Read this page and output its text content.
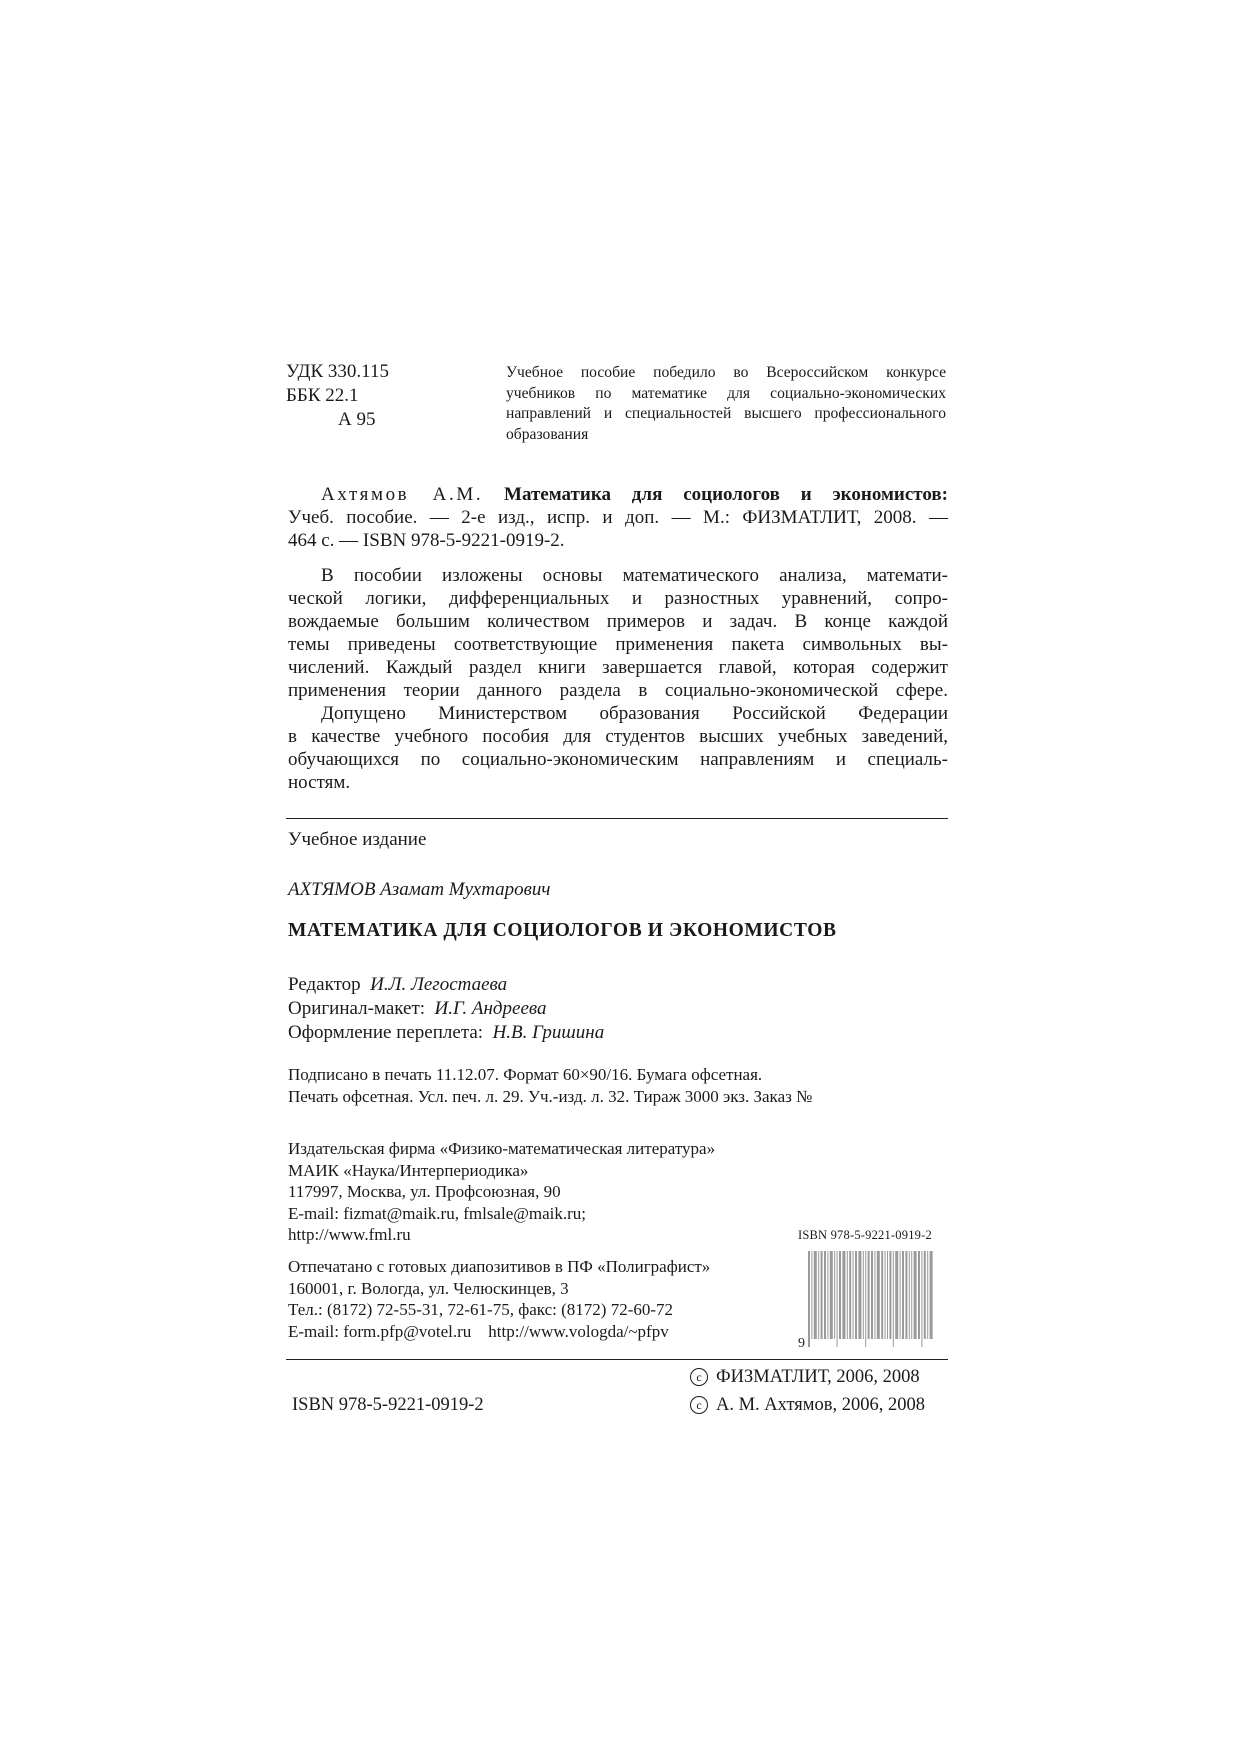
УДК 330.115
ББК 22.1
А 95
Учебное пособие победило во Всероссийском конкурсе учебников по математике для социально-экономических направлений и специальностей высшего профессионального образования
Ахтямов А.М. Математика для социологов и экономистов:
Учеб. пособие. — 2-е изд., испр. и доп. — М.: ФИЗМАТЛИТ, 2008. —
464 с. — ISBN 978-5-9221-0919-2.
В пособии изложены основы математического анализа, математи-
ческой логики, дифференциальных и разностных уравнений, сопро-
вождаемые большим количеством примеров и задач. В конце каждой
темы приведены соответствующие применения пакета символьных вы-
числений. Каждый раздел книги завершается главой, которая содержит
применения теории данного раздела в социально-экономической сфере.
Допущено Министерством образования Российской Федерации
в качестве учебного пособия для студентов высших учебных заведений,
обучающихся по социально-экономическим направлениям и специаль-
ностям.
Учебное издание
АХТЯМОВ Азамат Мухтарович
МАТЕМАТИКА ДЛЯ СОЦИОЛОГОВ И ЭКОНОМИСТОВ
Редактор И.Л. Легостаева
Оригинал-макет: И.Г. Андреева
Оформление переплета: Н.В. Гришина
Подписано в печать 11.12.07. Формат 60×90/16. Бумага офсетная.
Печать офсетная. Усл. печ. л. 29. Уч.-изд. л. 32. Тираж 3000 экз. Заказ №
Издательская фирма «Физико-математическая литература»
МАИК «Наука/Интерпериодика»
117997, Москва, ул. Профсоюзная, 90
E-mail: fizmat@maik.ru, fmlsale@maik.ru;
http://www.fml.ru
Отпечатано с готовых диапозитивов в ПФ «Полиграфист»
160001, г. Вологда, ул. Челюскинцев, 3
Тел.: (8172) 72-55-31, 72-61-75, факс: (8172) 72-60-72
E-mail: form.pfp@votel.ru    http://www.vologda/~pfpv
ISBN 978-5-9221-0919-2
9
c ФИЗМАТЛИТ, 2006, 2008
c А. М. Ахтямов, 2006, 2008
ISBN 978-5-9221-0919-2
